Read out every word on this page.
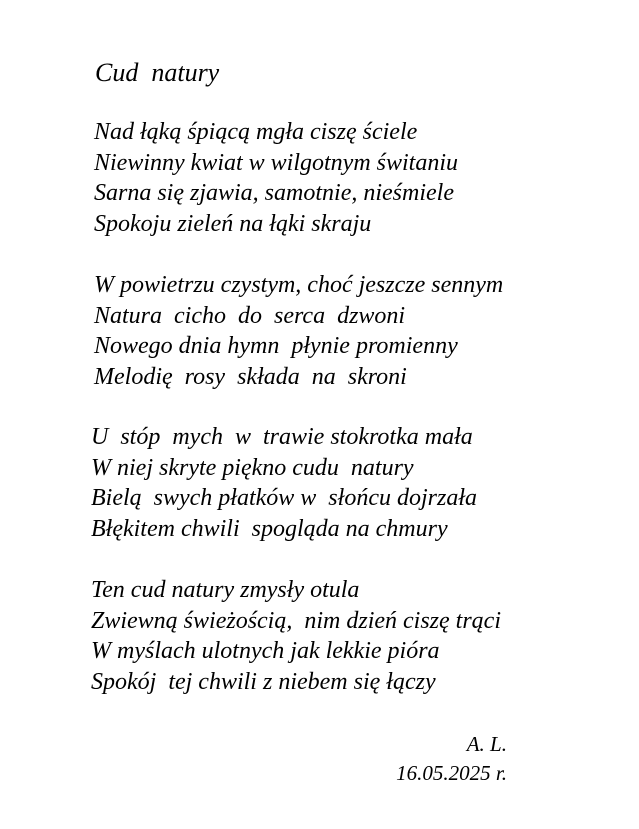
Cud  natury
Nad łąką śpiącą mgła ciszę ściele
Niewinny kwiat w wilgotnym świtaniu
Sarna się zjawia, samotnie, nieśmiele
Spokoju zieleń na łąki skraju
W powietrzu czystym, choć jeszcze sennym
Natura  cicho  do  serca  dzwoni
Nowego dnia hymn  płynie promienny
Melodię  rosy  składa  na  skroni
U  stóp  mych  w  trawie stokrotka mała
W niej skryte piękno cudu  natury
Bielą  swych płatków w  słońcu dojrzała
Błękitem chwili  spogląda na chmury
Ten cud natury zmysły otula
Zwiewną świeżością,  nim dzień ciszę trąci
W myślach ulotnych jak lekkie pióra
Spokój  tej chwili z niebem się łączy
A. L.
16.05.2025 r.
